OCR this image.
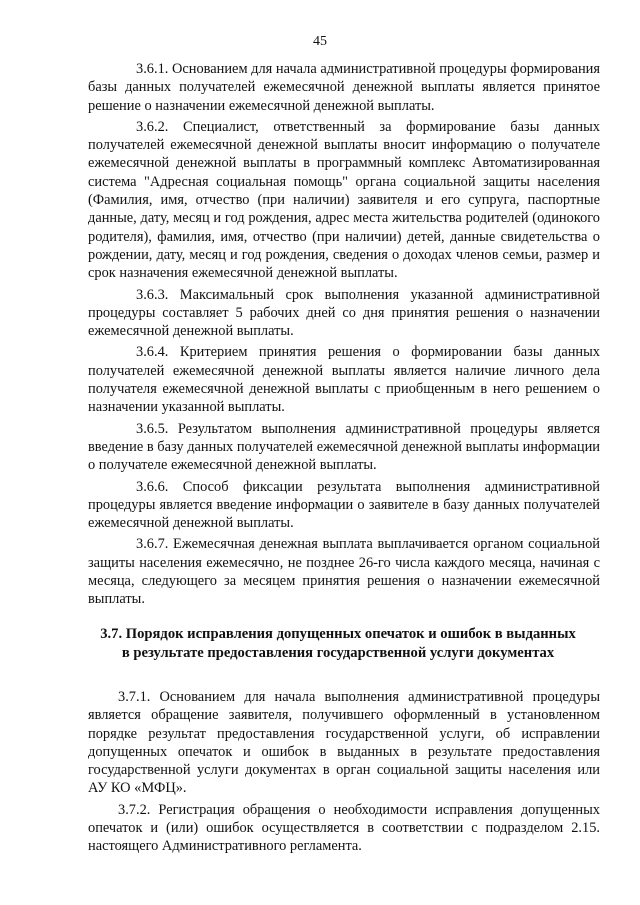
45

3.6.1. Основанием для начала административной процедуры формирования базы данных получателей ежемесячной денежной выплаты является принятое решение о назначении ежемесячной денежной выплаты.

3.6.2. Специалист, ответственный за формирование базы данных получателей ежемесячной денежной выплаты вносит информацию о получателе ежемесячной денежной выплаты в программный комплекс Автоматизированная система "Адресная социальная помощь" органа социальной защиты населения (Фамилия, имя, отчество (при наличии) заявителя и его супруга, паспортные данные, дату, месяц и год рождения, адрес места жительства родителей (одинокого родителя), фамилия, имя, отчество (при наличии) детей, данные свидетельства о рождении, дату, месяц и год рождения, сведения о доходах членов семьи, размер и срок назначения ежемесячной денежной выплаты.

3.6.3. Максимальный срок выполнения указанной административной процедуры составляет 5 рабочих дней со дня принятия решения о назначении ежемесячной денежной выплаты.

3.6.4. Критерием принятия решения о формировании базы данных получателей ежемесячной денежной выплаты является наличие личного дела получателя ежемесячной денежной выплаты с приобщенным в него решением о назначении указанной выплаты.

3.6.5. Результатом выполнения административной процедуры является введение в базу данных получателей ежемесячной денежной выплаты информации о получателе ежемесячной денежной выплаты.

3.6.6. Способ фиксации результата выполнения административной процедуры является введение информации о заявителе в базу данных получателей ежемесячной денежной выплаты.

3.6.7. Ежемесячная денежная выплата выплачивается органом социальной защиты населения ежемесячно, не позднее 26-го числа каждого месяца, начиная с месяца, следующего за месяцем принятия решения о назначении ежемесячной выплаты.

3.7. Порядок исправления допущенных опечаток и ошибок в выданных в результате предоставления государственной услуги документах

3.7.1. Основанием для начала выполнения административной процедуры является обращение заявителя, получившего оформленный в установленном порядке результат предоставления государственной услуги, об исправлении допущенных опечаток и ошибок в выданных в результате предоставления государственной услуги документах в орган социальной защиты населения или АУ КО «МФЦ».

3.7.2. Регистрация обращения о необходимости исправления допущенных опечаток и (или) ошибок осуществляется в соответствии с подразделом 2.15. настоящего Административного регламента.
